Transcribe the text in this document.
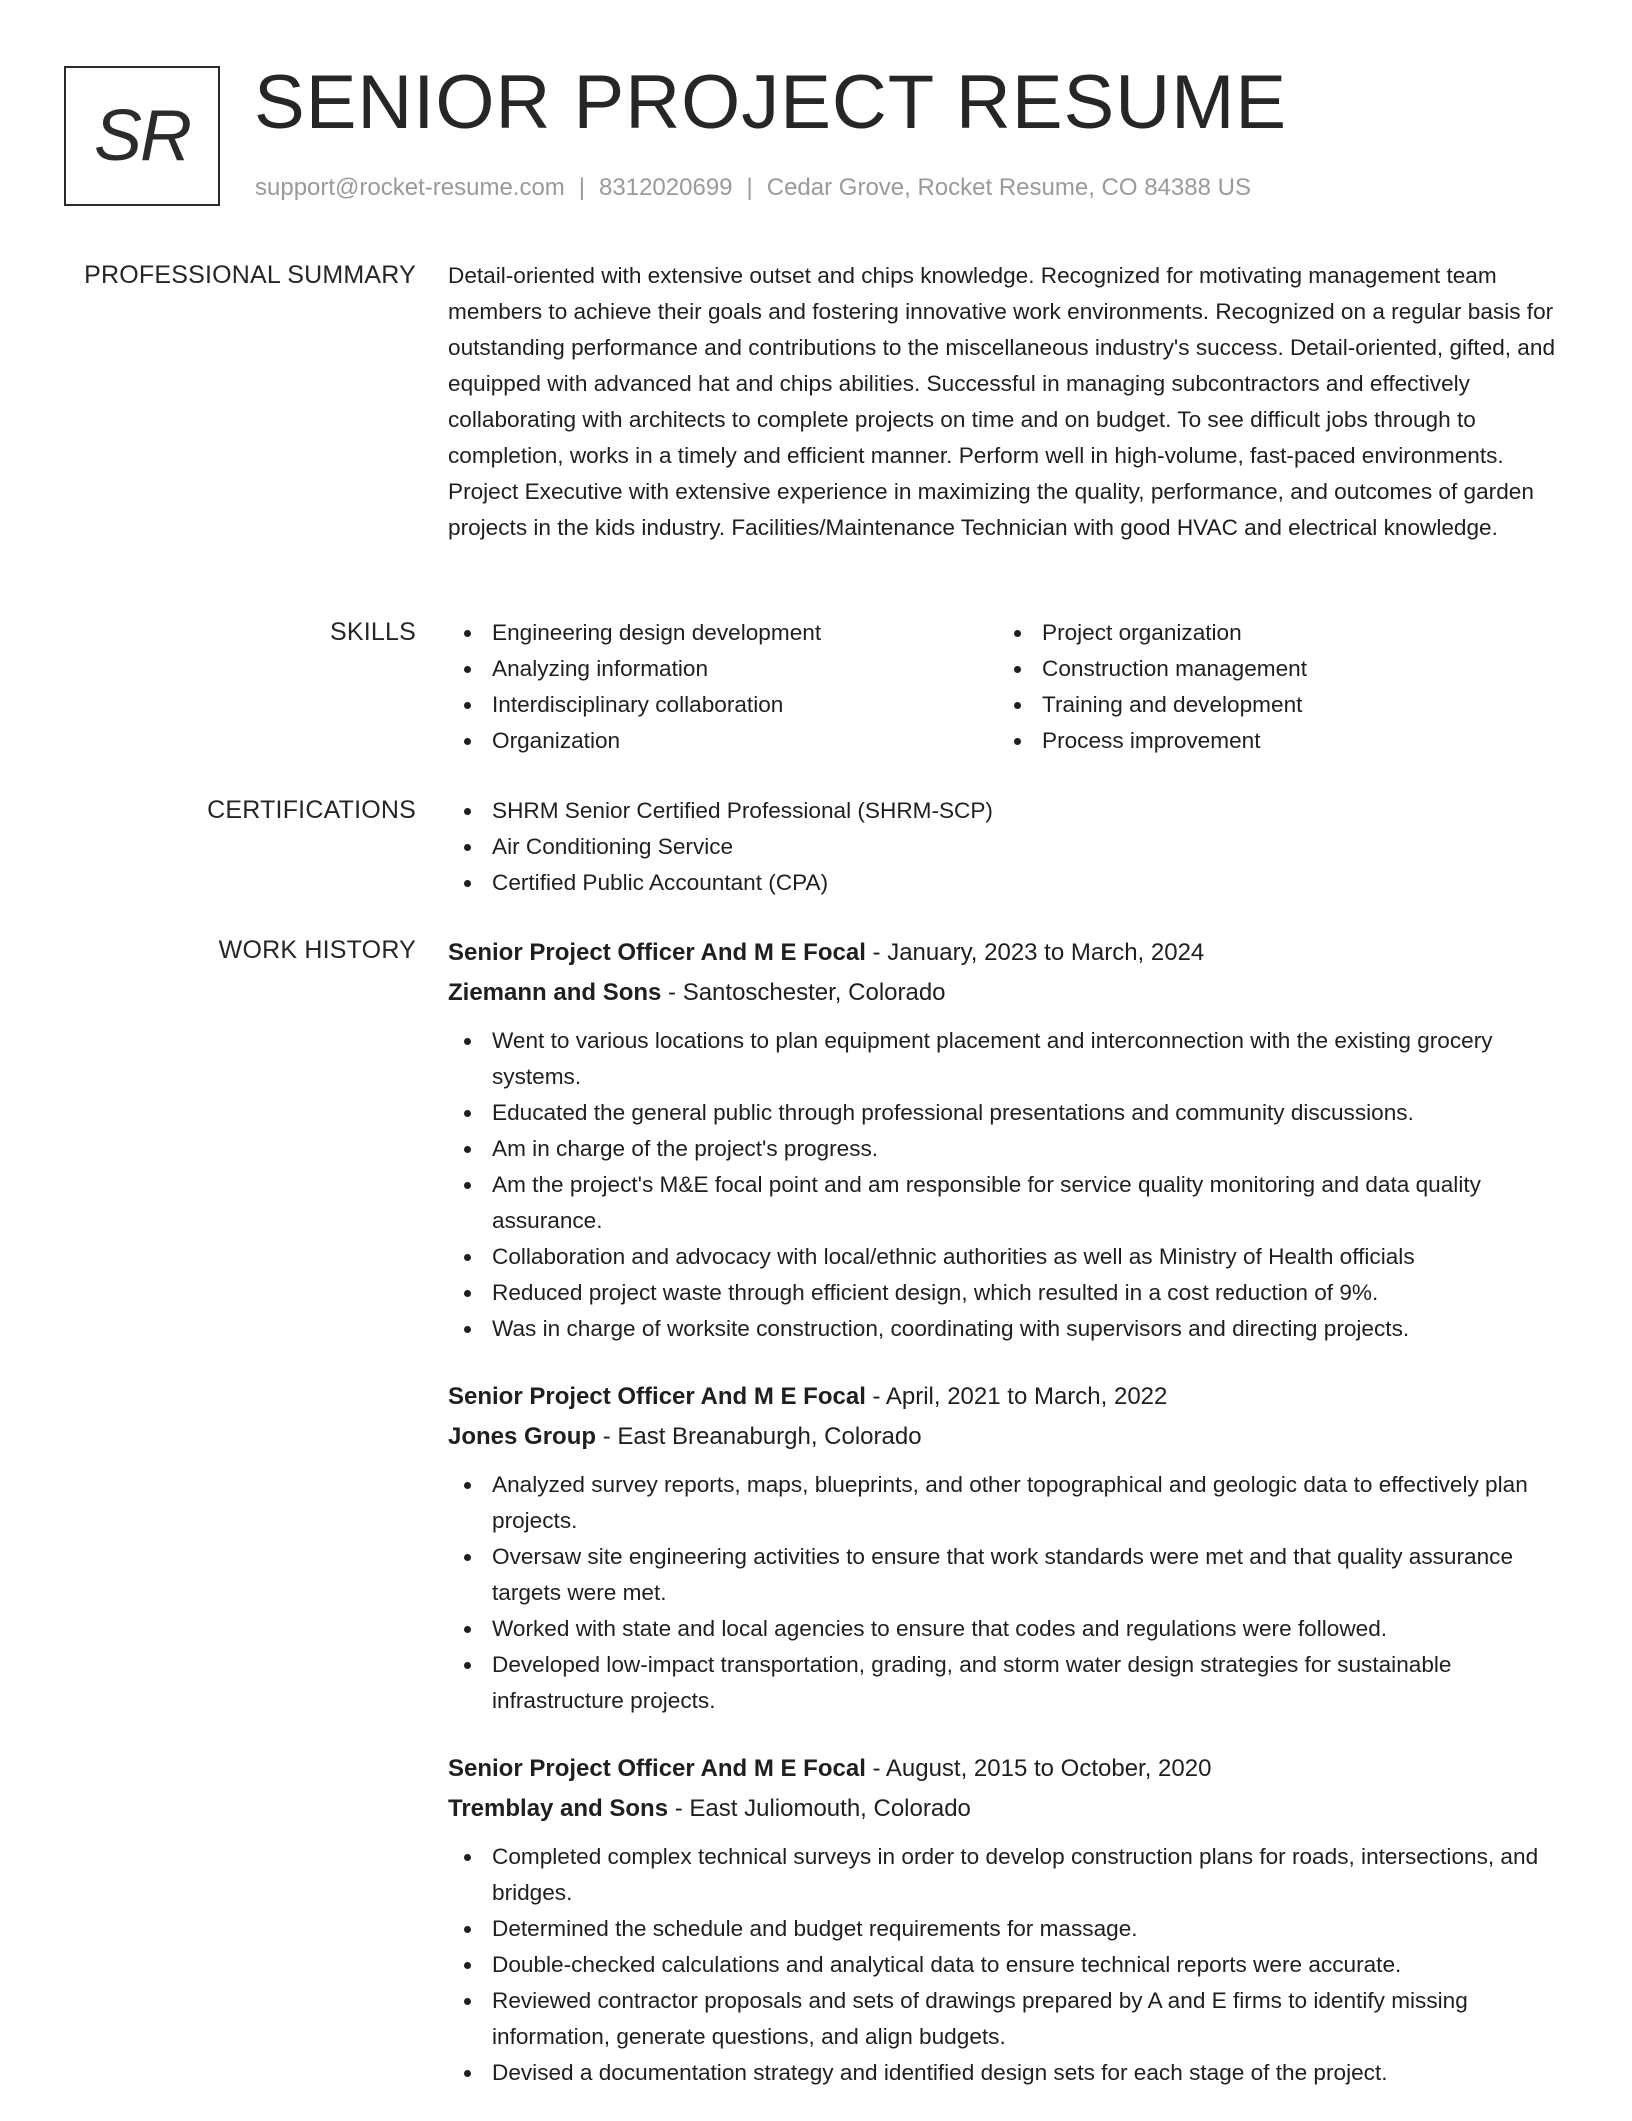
SR SENIOR PROJECT RESUME
support@rocket-resume.com | 8312020699 | Cedar Grove, Rocket Resume, CO 84388 US
PROFESSIONAL SUMMARY Detail-oriented with extensive outset and chips knowledge. Recognized for motivating management team members to achieve their goals and fostering innovative work environments. Recognized on a regular basis for outstanding performance and contributions to the miscellaneous industry's success. Detail-oriented, gifted, and equipped with advanced hat and chips abilities. Successful in managing subcontractors and effectively collaborating with architects to complete projects on time and on budget. To see difficult jobs through to completion, works in a timely and efficient manner. Perform well in high-volume, fast-paced environments. Project Executive with extensive experience in maximizing the quality, performance, and outcomes of garden projects in the kids industry. Facilities/Maintenance Technician with good HVAC and electrical knowledge.

SKILLS	Engineering design development
Analyzing information
Interdisciplinary collaboration
Organization
Project organization
Construction management
Training and development
Process improvement
CERTIFICATIONS	SHRM Senior Certified Professional (SHRM-SCP)
Air Conditioning Service
Certified Public Accountant (CPA)
WORK HISTORY Senior Project Officer And M E Focal - January, 2023 to March, 2024
Ziemann and Sons - Santoschester, Colorado
Went to various locations to plan equipment placement and interconnection with the existing grocery systems.
Educated the general public through professional presentations and community discussions.
Am in charge of the project's progress.
Am the project's M&E focal point and am responsible for service quality monitoring and data quality assurance.
Collaboration and advocacy with local/ethnic authorities as well as Ministry of Health officials
Reduced project waste through efficient design, which resulted in a cost reduction of 9%.
Was in charge of worksite construction, coordinating with supervisors and directing projects.
Senior Project Officer And M E Focal - April, 2021 to March, 2022
Jones Group - East Breanaburgh, Colorado
Analyzed survey reports, maps, blueprints, and other topographical and geologic data to effectively plan projects.
Oversaw site engineering activities to ensure that work standards were met and that quality assurance targets were met.
Worked with state and local agencies to ensure that codes and regulations were followed.
Developed low-impact transportation, grading, and storm water design strategies for sustainable infrastructure projects.
Senior Project Officer And M E Focal - August, 2015 to October, 2020
Tremblay and Sons - East Juliomouth, Colorado
Completed complex technical surveys in order to develop construction plans for roads, intersections, and bridges.
Determined the schedule and budget requirements for massage.
Double-checked calculations and analytical data to ensure technical reports were accurate.
Reviewed contractor proposals and sets of drawings prepared by A and E firms to identify missing information, generate questions, and align budgets.
Devised a documentation strategy and identified design sets for each stage of the project.
